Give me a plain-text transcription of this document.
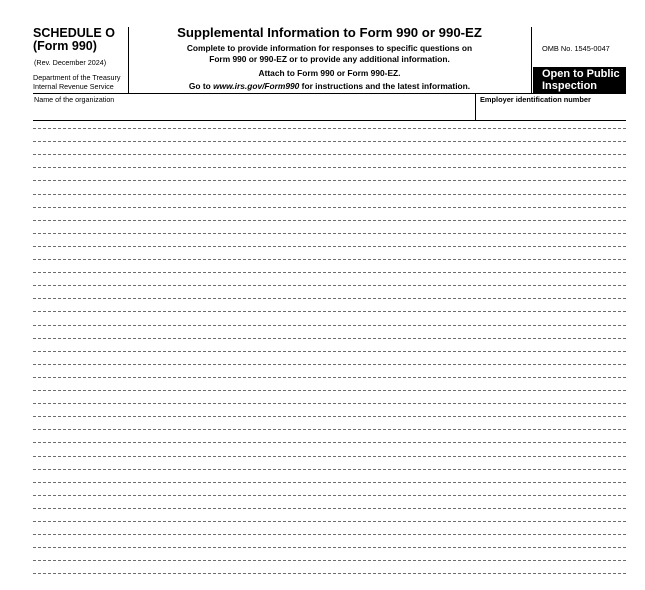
SCHEDULE O
(Form 990)
(Rev. December 2024)
Department of the Treasury
Internal Revenue Service
Supplemental Information to Form 990 or 990-EZ
Complete to provide information for responses to specific questions on
Form 990 or 990-EZ or to provide any additional information.
Attach to Form 990 or Form 990-EZ.
Go to www.irs.gov/Form990 for instructions and the latest information.
OMB No. 1545-0047
Open to Public
Inspection
Name of the organization	Employer identification number
